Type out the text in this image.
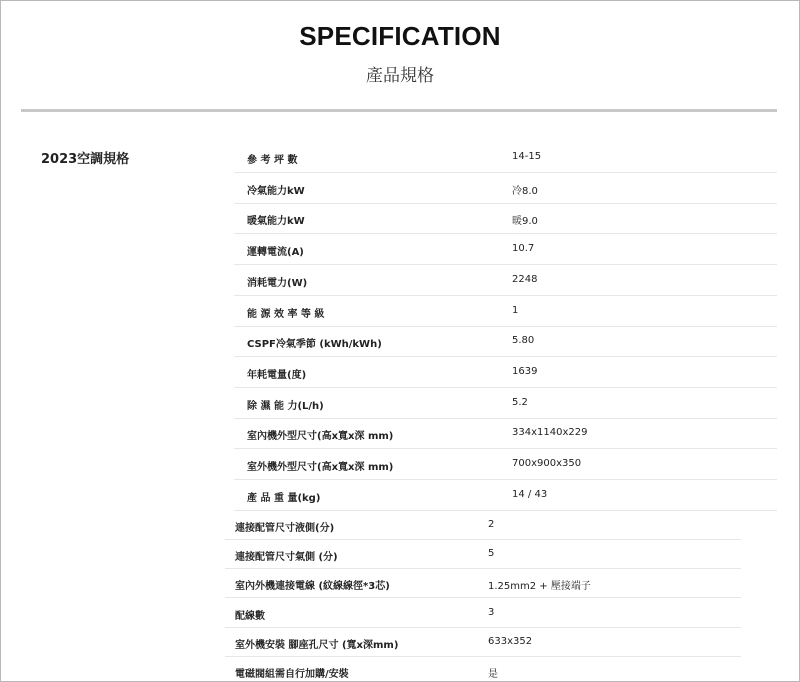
SPECIFICATION
產品規格
2023空調規格	參 考 坪 數	14-15
冷氣能力kW	冷8.0
暖氣能力kW	暖9.0
運轉電流(A)	10.7
消耗電力(W)	2248
能 源 效 率 等 級	1
CSPF冷氣季節 (kWh/kWh)	5.80
年耗電量(度)	1639
除 濕 能 力(L/h)	5.2
室內機外型尺寸(高x寬x深 mm)	334x1140x229
室外機外型尺寸(高x寬x深 mm)	700x900x350
產 品 重 量(kg)	14 / 43
連接配管尺寸液側(分)	2
連接配管尺寸氣側 (分)	5
室內外機連接電線 (紋線線徑*3芯)	1.25mm2 + 壓接端子
配線數	3
室外機安裝 腳座孔尺寸 (寬x深mm)	633x352
電磁閥組需自行加購/安裝	是
